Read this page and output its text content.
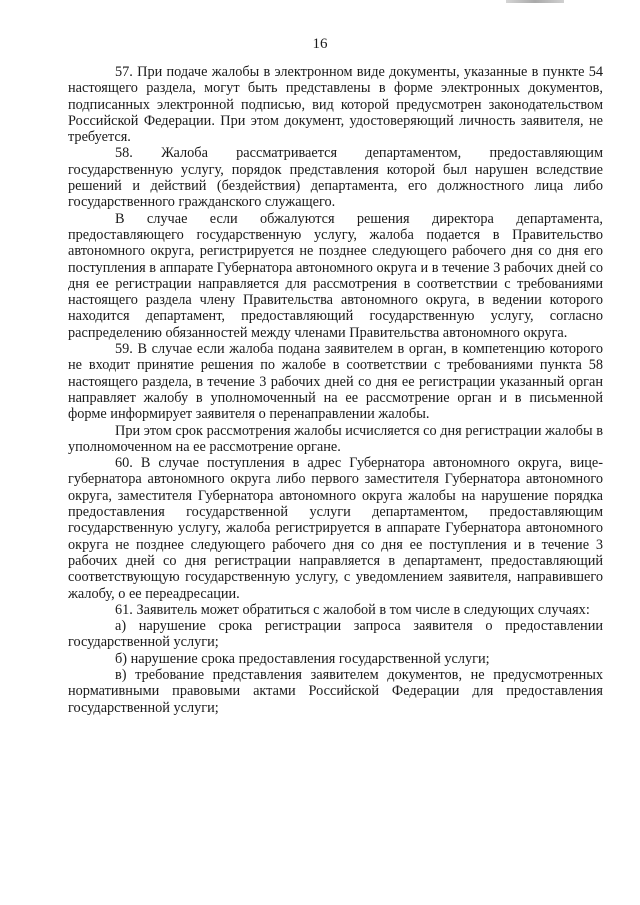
16

57. При подаче жалобы в электронном виде документы, указанные в пункте 54 настоящего раздела, могут быть представлены в форме электронных документов, подписанных электронной подписью, вид которой предусмотрен законодательством Российской Федерации. При этом документ, удостоверяющий личность заявителя, не требуется.

58. Жалоба рассматривается департаментом, предоставляющим государственную услугу, порядок представления которой был нарушен вследствие решений и действий (бездействия) департамента, его должностного лица либо государственного гражданского служащего.

В случае если обжалуются решения директора департамента, предоставляющего государственную услугу, жалоба подается в Правительство автономного округа, регистрируется не позднее следующего рабочего дня со дня его поступления в аппарате Губернатора автономного округа и в течение 3 рабочих дней со дня ее регистрации направляется для рассмотрения в соответствии с требованиями настоящего раздела члену Правительства автономного округа, в ведении которого находится департамент, предоставляющий государственную услугу, согласно распределению обязанностей между членами Правительства автономного округа.

59. В случае если жалоба подана заявителем в орган, в компетенцию которого не входит принятие решения по жалобе в соответствии с требованиями пункта 58 настоящего раздела, в течение 3 рабочих дней со дня ее регистрации указанный орган направляет жалобу в уполномоченный на ее рассмотрение орган и в письменной форме информирует заявителя о перенаправлении жалобы.

При этом срок рассмотрения жалобы исчисляется со дня регистрации жалобы в уполномоченном на ее рассмотрение органе.

60. В случае поступления в адрес Губернатора автономного округа, вице-губернатора автономного округа либо первого заместителя Губернатора автономного округа, заместителя Губернатора автономного округа жалобы на нарушение порядка предоставления государственной услуги департаментом, предоставляющим государственную услугу, жалоба регистрируется в аппарате Губернатора автономного округа не позднее следующего рабочего дня со дня ее поступления и в течение 3 рабочих дней со дня регистрации направляется в департамент, предоставляющий соответствующую государственную услугу, с уведомлением заявителя, направившего жалобу, о ее переадресации.

61. Заявитель может обратиться с жалобой в том числе в следующих случаях:

а) нарушение срока регистрации запроса заявителя о предоставлении государственной услуги;

б) нарушение срока предоставления государственной услуги;

в) требование представления заявителем документов, не предусмотренных нормативными правовыми актами Российской Федерации для предоставления государственной услуги;
